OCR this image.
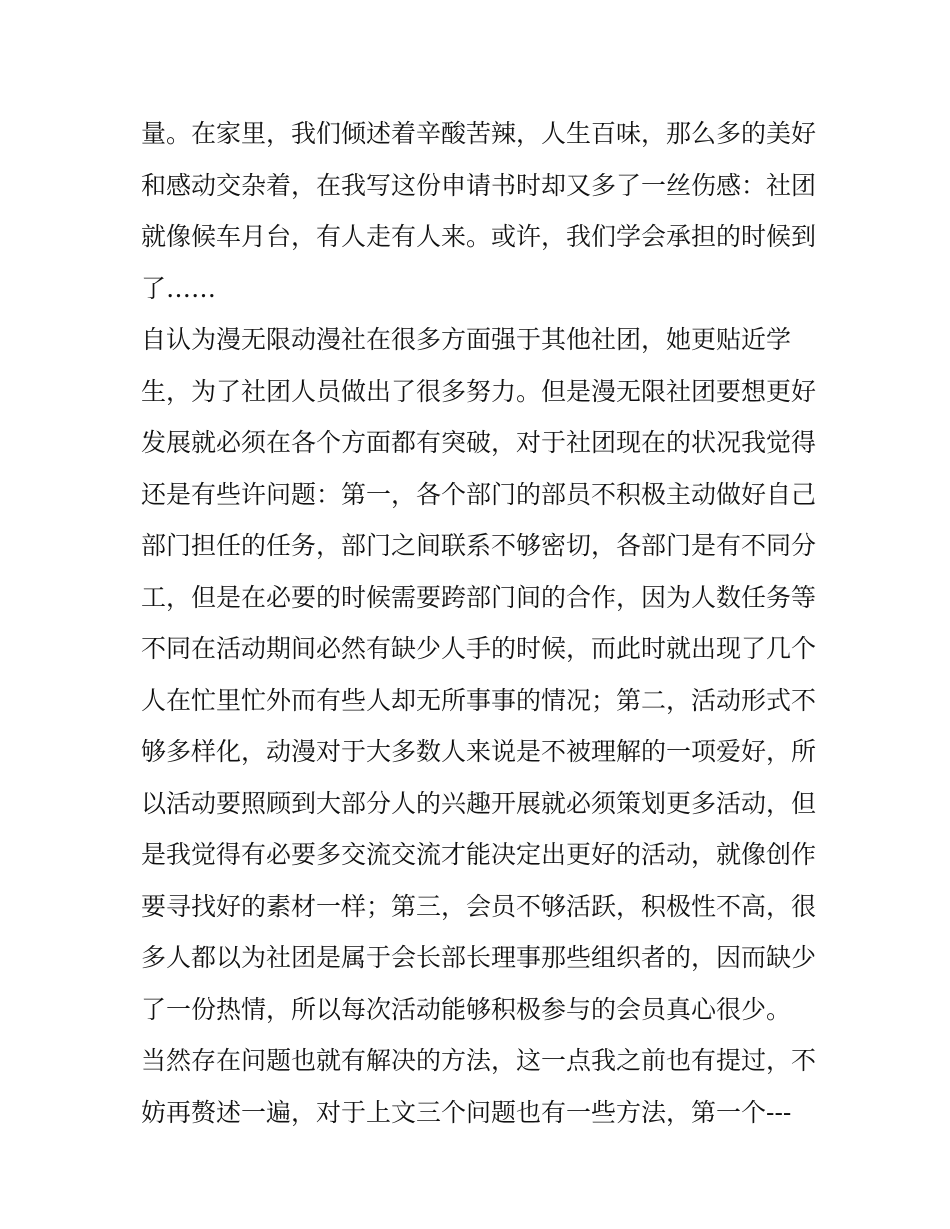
量。在家里，我们倾述着辛酸苦辣，人生百味，那么多的美好
和感动交杂着，在我写这份申请书时却又多了一丝伤感：社团
就像候车月台，有人走有人来。或许，我们学会承担的时候到
了……
自认为漫无限动漫社在很多方面强于其他社团，她更贴近学
生，为了社团人员做出了很多努力。但是漫无限社团要想更好
发展就必须在各个方面都有突破，对于社团现在的状况我觉得
还是有些许问题：第一，各个部门的部员不积极主动做好自己
部门担任的任务，部门之间联系不够密切，各部门是有不同分
工，但是在必要的时候需要跨部门间的合作，因为人数任务等
不同在活动期间必然有缺少人手的时候，而此时就出现了几个
人在忙里忙外而有些人却无所事事的情况；第二，活动形式不
够多样化，动漫对于大多数人来说是不被理解的一项爱好，所
以活动要照顾到大部分人的兴趣开展就必须策划更多活动，但
是我觉得有必要多交流交流才能决定出更好的活动，就像创作
要寻找好的素材一样；第三，会员不够活跃，积极性不高，很
多人都以为社团是属于会长部长理事那些组织者的，因而缺少
了一份热情，所以每次活动能够积极参与的会员真心很少。
当然存在问题也就有解决的方法，这一点我之前也有提过，不
妨再赘述一遍，对于上文三个问题也有一些方法，第一个---
